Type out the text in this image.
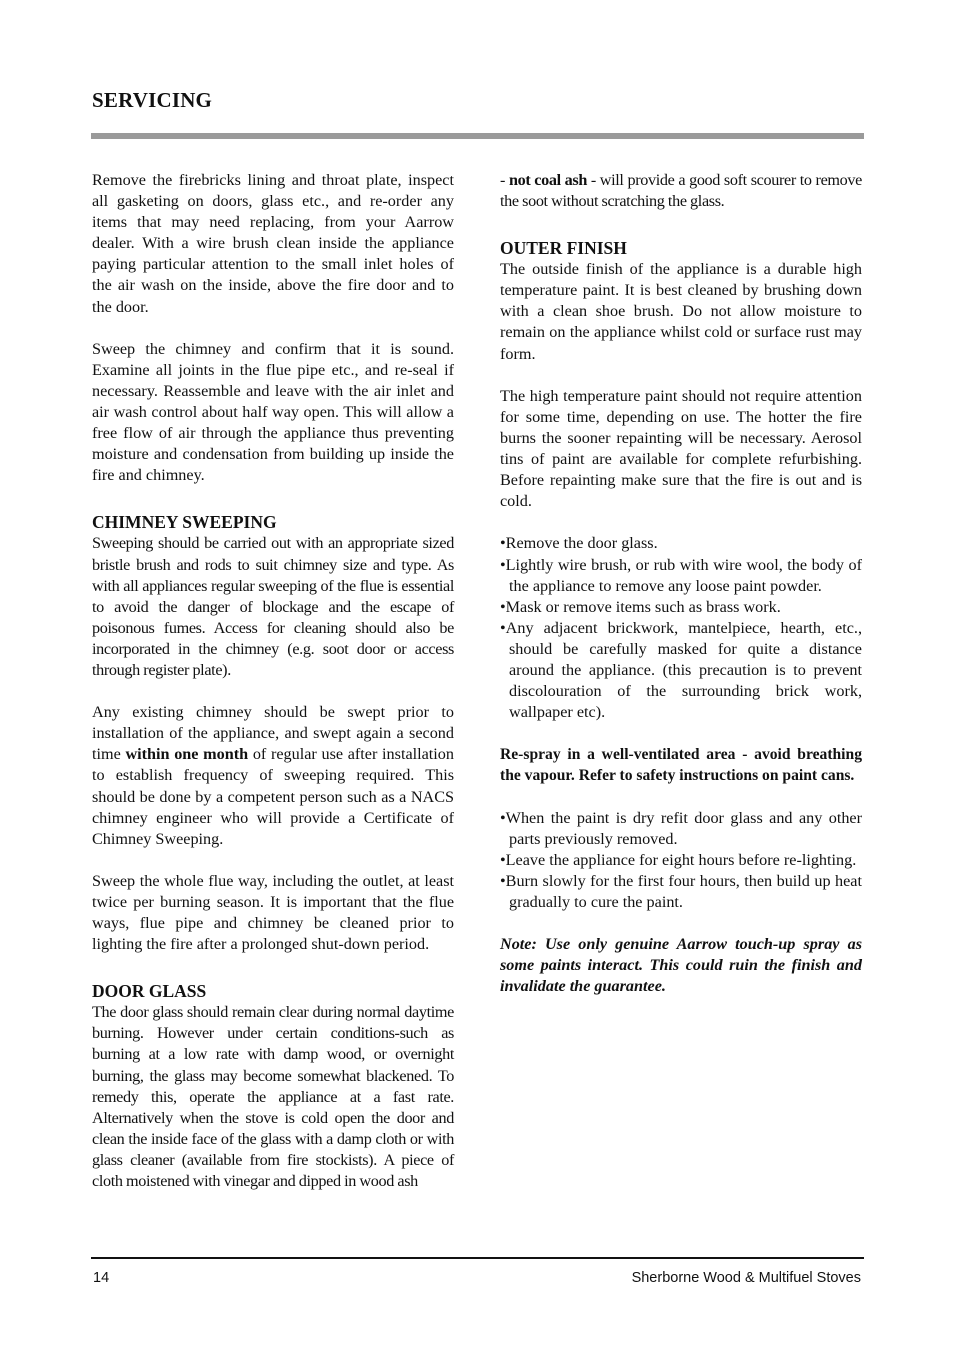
SERVICING

Remove the firebricks lining and throat plate, inspect all gasketing on doors, glass etc., and re-order any items that may need replacing, from your Aarrow dealer. With a wire brush clean inside the appliance paying particular attention to the small inlet holes of the air wash on the inside, above the fire door and to the door.

Sweep the chimney and confirm that it is sound. Examine all joints in the flue pipe etc., and re-seal if necessary. Reassemble and leave with the air inlet and air wash control about half way open. This will allow a free flow of air through the appliance thus preventing moisture and condensation from building up inside the fire and chimney.

CHIMNEY SWEEPING

Sweeping should be carried out with an appropriate sized bristle brush and rods to suit chimney size and type. As with all appliances regular sweeping of the flue is essential to avoid the danger of blockage and the escape of poisonous fumes. Access for cleaning should also be incorporated in the chimney (e.g. soot door or access through register plate).

Any existing chimney should be swept prior to installation of the appliance, and swept again a second time within one month of regular use after installation to establish frequency of sweeping required. This should be done by a competent person such as a NACS chimney engineer who will provide a Certificate of Chimney Sweeping.

Sweep the whole flue way, including the outlet, at least twice per burning season. It is important that the flue ways, flue pipe and chimney be cleaned prior to lighting the fire after a prolonged shut-down period.

DOOR GLASS

The door glass should remain clear during normal daytime burning. However under certain conditions-such as burning at a low rate with damp wood, or overnight burning, the glass may become somewhat blackened. To remedy this, operate the appliance at a fast rate. Alternatively when the stove is cold open the door and clean the inside face of the glass with a damp cloth or with glass cleaner (available from fire stockists). A piece of cloth moistened with vinegar and dipped in wood ash

- not coal ash - will provide a good soft scourer to remove the soot without scratching the glass.

OUTER FINISH

The outside finish of the appliance is a durable high temperature paint. It is best cleaned by brushing down with a clean shoe brush. Do not allow moisture to remain on the appliance whilst cold or surface rust may form.

The high temperature paint should not require attention for some time, depending on use. The hotter the fire burns the sooner repainting will be necessary. Aerosol tins of paint are available for complete refurbishing. Before repainting make sure that the fire is out and is cold.

•Remove the door glass.
•Lightly wire brush, or rub with wire wool, the body of the appliance to remove any loose paint powder.
•Mask or remove items such as brass work.
•Any adjacent brickwork, mantelpiece, hearth, etc., should be carefully masked for quite a distance around the appliance. (this precaution is to prevent discolouration of the surrounding brick work, wallpaper etc).

Re-spray in a well-ventilated area - avoid breathing the vapour. Refer to safety instructions on paint cans.

•When the paint is dry refit door glass and any other parts previously removed.
•Leave the appliance for eight hours before re-lighting.
•Burn slowly for the first four hours, then build up heat gradually to cure the paint.

Note: Use only genuine Aarrow touch-up spray as some paints interact. This could ruin the finish and invalidate the guarantee.

14	Sherborne Wood & Multifuel Stoves
